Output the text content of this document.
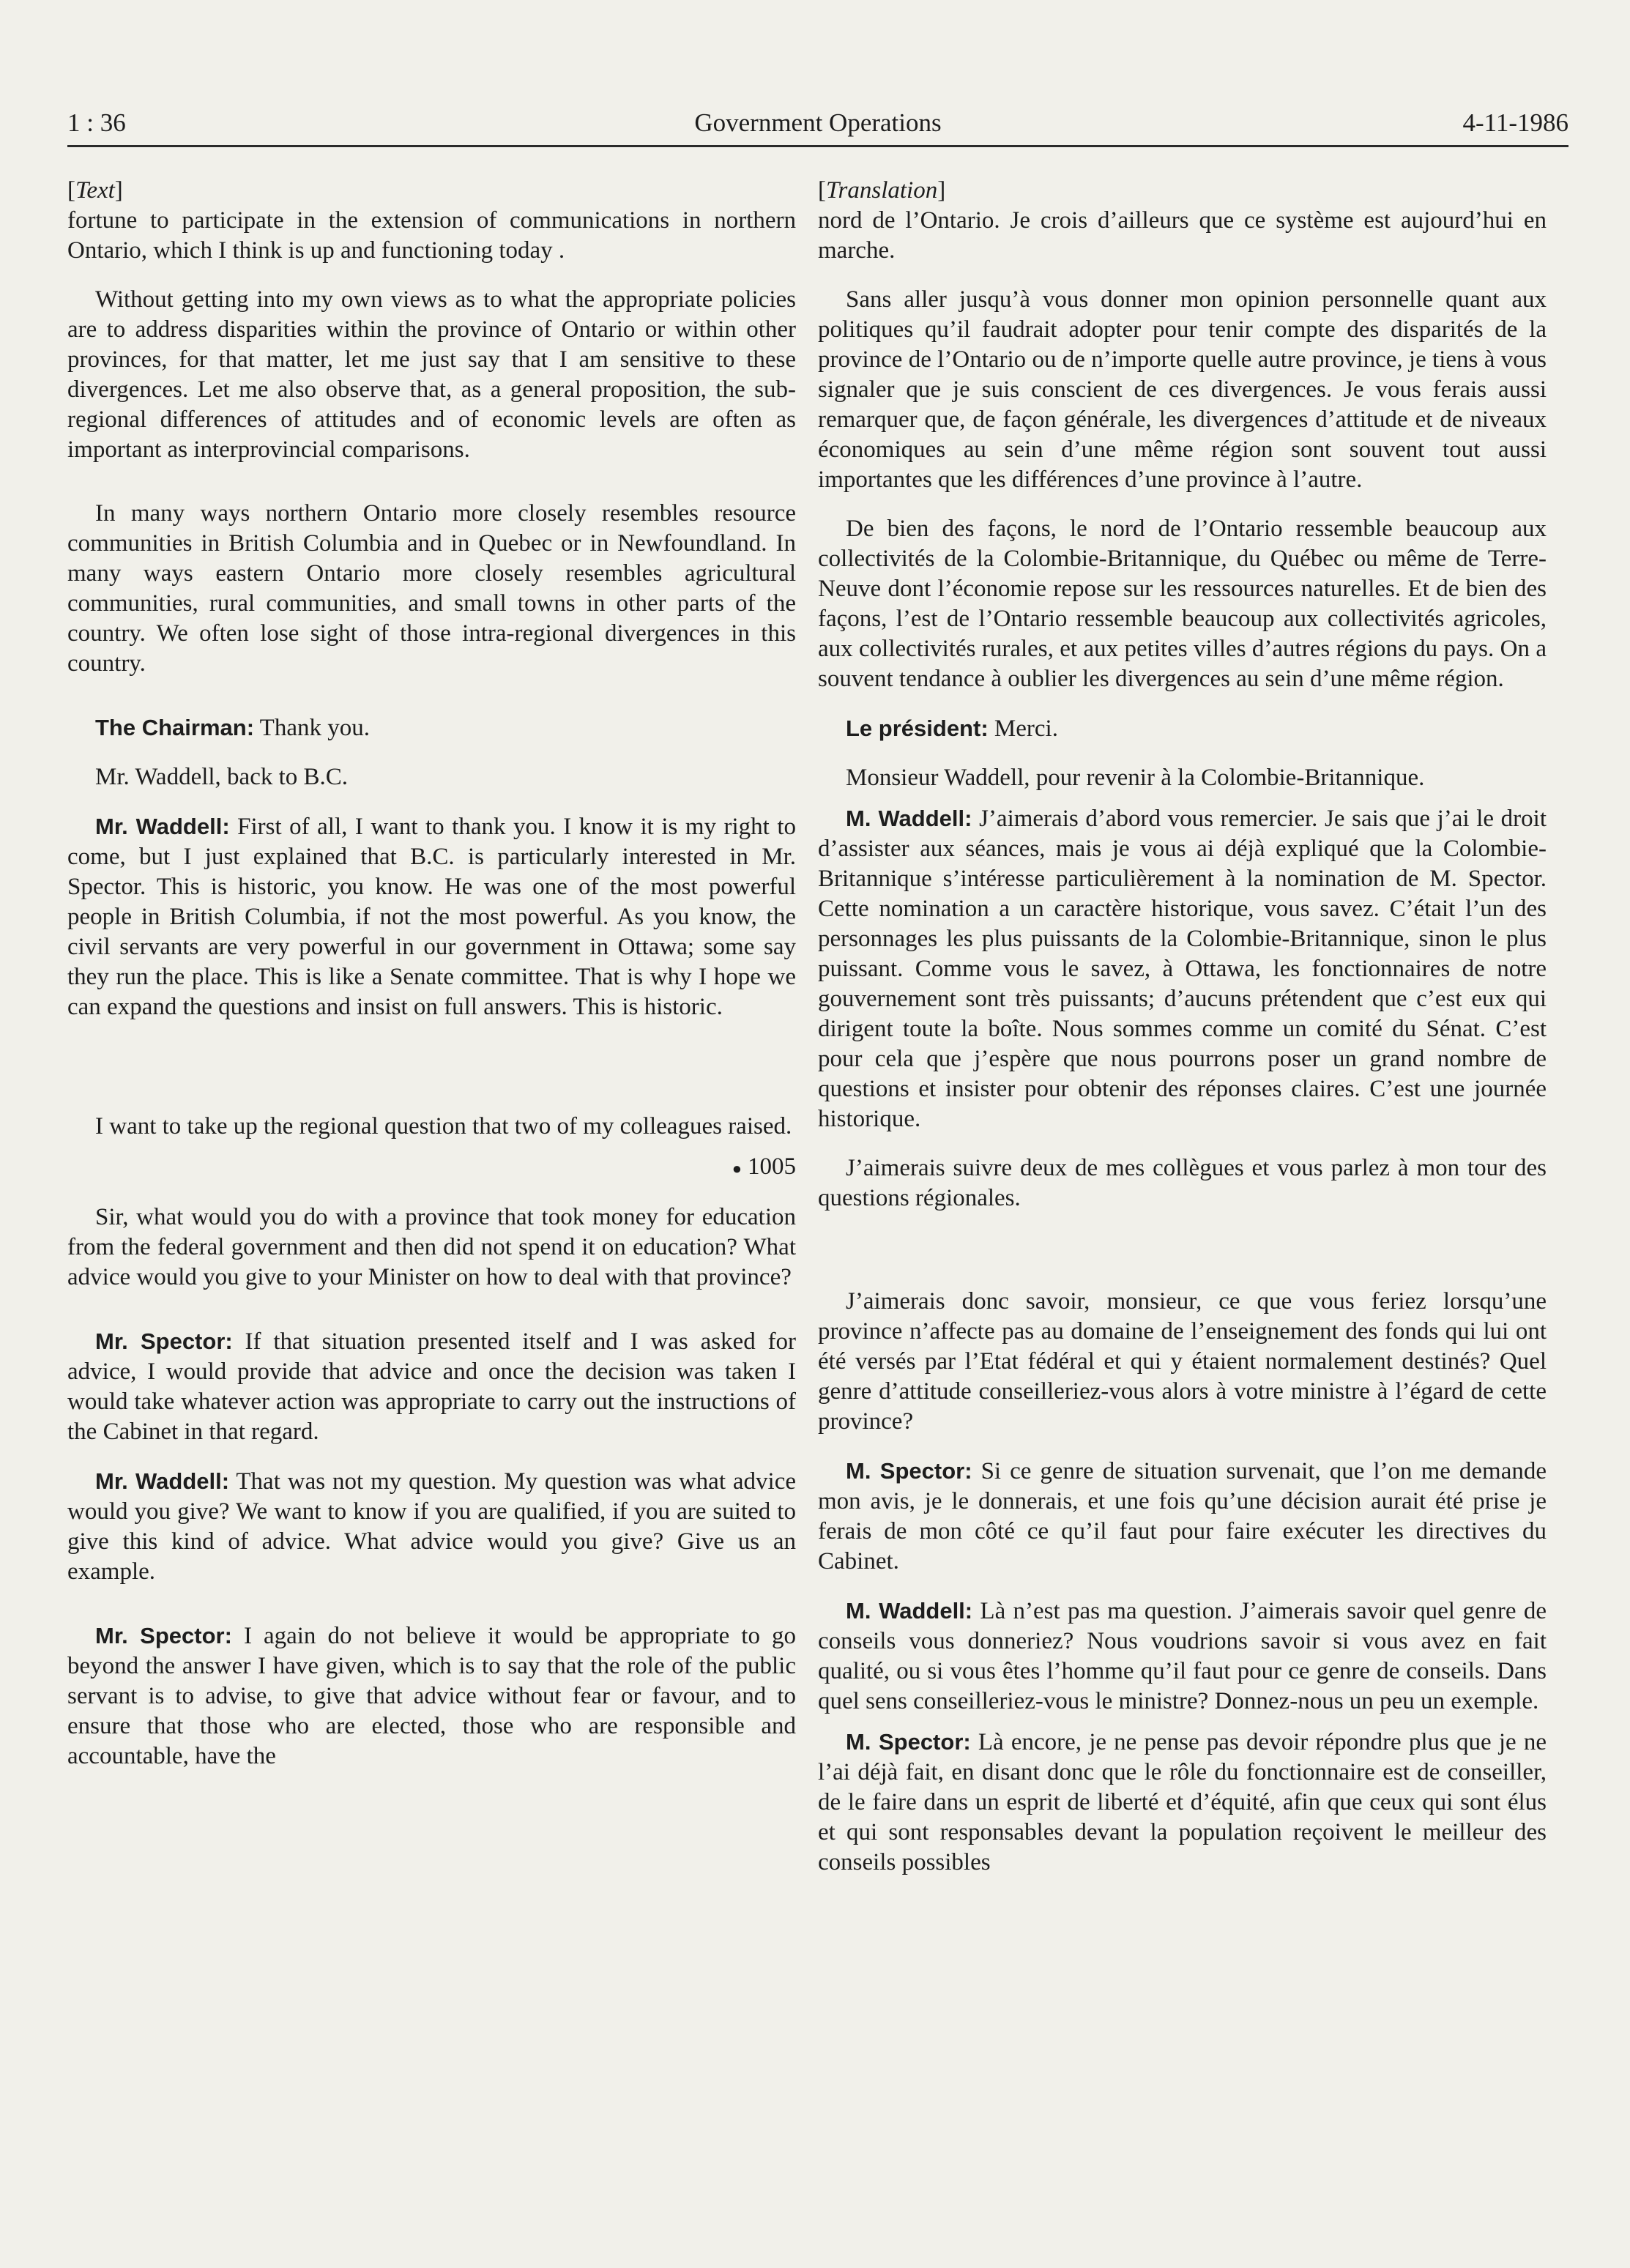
1 : 36	Government Operations	4-11-1986

[Text]

fortune to participate in the extension of communications in northern Ontario, which I think is up and functioning today .

Without getting into my own views as to what the appropriate policies are to address disparities within the province of Ontario or within other provinces, for that matter, let me just say that I am sensitive to these divergences. Let me also observe that, as a general proposition, the sub-regional differences of attitudes and of economic levels are often as important as interprovincial comparisons.

In many ways northern Ontario more closely resembles resource communities in British Columbia and in Quebec or in Newfoundland. In many ways eastern Ontario more closely resembles agricultural communities, rural communities, and small towns in other parts of the country. We often lose sight of those intra-regional divergences in this country.

The Chairman: Thank you.

Mr. Waddell, back to B.C.

Mr. Waddell: First of all, I want to thank you. I know it is my right to come, but I just explained that B.C. is particularly interested in Mr. Spector. This is historic, you know. He was one of the most powerful people in British Columbia, if not the most powerful. As you know, the civil servants are very powerful in our government in Ottawa; some say they run the place. This is like a Senate committee. That is why I hope we can expand the questions and insist on full answers. This is historic.

I want to take up the regional question that two of my colleagues raised.

● 1005

Sir, what would you do with a province that took money for education from the federal government and then did not spend it on education? What advice would you give to your Minister on how to deal with that province?

Mr. Spector: If that situation presented itself and I was asked for advice, I would provide that advice and once the decision was taken I would take whatever action was appropriate to carry out the instructions of the Cabinet in that regard.

Mr. Waddell: That was not my question. My question was what advice would you give? We want to know if you are qualified, if you are suited to give this kind of advice. What advice would you give? Give us an example.

Mr. Spector: I again do not believe it would be appropriate to go beyond the answer I have given, which is to say that the role of the public servant is to advise, to give that advice without fear or favour, and to ensure that those who are elected, those who are responsible and accountable, have the

[Translation]

nord de l’Ontario. Je crois d’ailleurs que ce système est aujourd’hui en marche.

Sans aller jusqu’à vous donner mon opinion personnelle quant aux politiques qu’il faudrait adopter pour tenir compte des disparités de la province de l’Ontario ou de n’importe quelle autre province, je tiens à vous signaler que je suis conscient de ces divergences. Je vous ferais aussi remarquer que, de façon générale, les divergences d’attitude et de niveaux économiques au sein d’une même région sont souvent tout aussi importantes que les différences d’une province à l’autre.

De bien des façons, le nord de l’Ontario ressemble beaucoup aux collectivités de la Colombie-Britannique, du Québec ou même de Terre-Neuve dont l’économie repose sur les ressources naturelles. Et de bien des façons, l’est de l’Ontario ressemble beaucoup aux collectivités agricoles, aux collectivités rurales, et aux petites villes d’autres régions du pays. On a souvent tendance à oublier les divergences au sein d’une même région.

Le président: Merci.

Monsieur Waddell, pour revenir à la Colombie-Britannique.

M. Waddell: J’aimerais d’abord vous remercier. Je sais que j’ai le droit d’assister aux séances, mais je vous ai déjà expliqué que la Colombie-Britannique s’intéresse particulièrement à la nomination de M. Spector. Cette nomination a un caractère historique, vous savez. C’était l’un des personnages les plus puissants de la Colombie-Britannique, sinon le plus puissant. Comme vous le savez, à Ottawa, les fonctionnaires de notre gouvernement sont très puissants; d’aucuns prétendent que c’est eux qui dirigent toute la boîte. Nous sommes comme un comité du Sénat. C’est pour cela que j’espère que nous pourrons poser un grand nombre de questions et insister pour obtenir des réponses claires. C’est une journée historique.

J’aimerais suivre deux de mes collègues et vous parlez à mon tour des questions régionales.

J’aimerais donc savoir, monsieur, ce que vous feriez lorsqu’une province n’affecte pas au domaine de l’enseignement des fonds qui lui ont été versés par l’Etat fédéral et qui y étaient normalement destinés? Quel genre d’attitude conseilleriez-vous alors à votre ministre à l’égard de cette province?

M. Spector: Si ce genre de situation survenait, que l’on me demande mon avis, je le donnerais, et une fois qu’une décision aurait été prise je ferais de mon côté ce qu’il faut pour faire exécuter les directives du Cabinet.

M. Waddell: Là n’est pas ma question. J’aimerais savoir quel genre de conseils vous donneriez? Nous voudrions savoir si vous avez en fait qualité, ou si vous êtes l’homme qu’il faut pour ce genre de conseils. Dans quel sens conseilleriez-vous le ministre? Donnez-nous un peu un exemple.

M. Spector: Là encore, je ne pense pas devoir répondre plus que je ne l’ai déjà fait, en disant donc que le rôle du fonctionnaire est de conseiller, de le faire dans un esprit de liberté et d’équité, afin que ceux qui sont élus et qui sont responsables devant la population reçoivent le meilleur des conseils possibles
